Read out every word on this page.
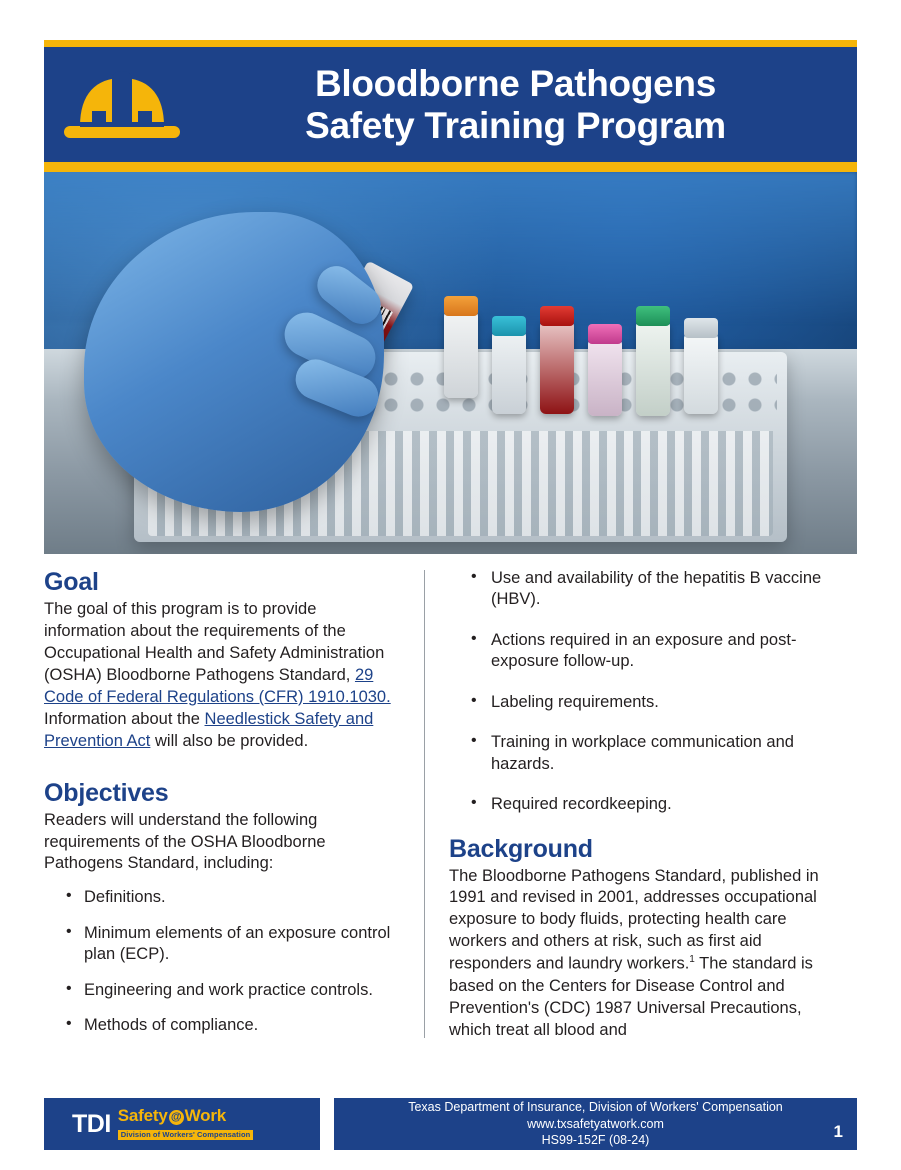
Bloodborne Pathogens
Safety Training Program
Goal

The goal of this program is to provide information about the requirements of the Occupational Health and Safety Administration (OSHA) Bloodborne Pathogens Standard, 29 Code of Federal Regulations (CFR) 1910.1030. Information about the Needlestick Safety and Prevention Act will also be provided.

Objectives

Readers will understand the following requirements of the OSHA Bloodborne Pathogens Standard, including:

• Definitions.
• Minimum elements of an exposure control plan (ECP).
• Engineering and work practice controls.
• Methods of compliance.
• Use and availability of the hepatitis B vaccine (HBV).
• Actions required in an exposure and post-exposure follow-up.
• Labeling requirements.
• Training in workplace communication and hazards.
• Required recordkeeping.
Background

The Bloodborne Pathogens Standard, published in 1991 and revised in 2001, addresses occupational exposure to body fluids, protecting health care workers and others at risk, such as first aid responders and laundry workers.$^1$ The standard is based on the Centers for Disease Control and Prevention's (CDC) 1987 Universal Precautions, which treat all blood and

TDI Safety @ Work Division of Workers' Compensation
Texas Department of Insurance, Division of Workers' Compensation
www.txsafetyatwork.com
HS99-152F (08-24)	1
